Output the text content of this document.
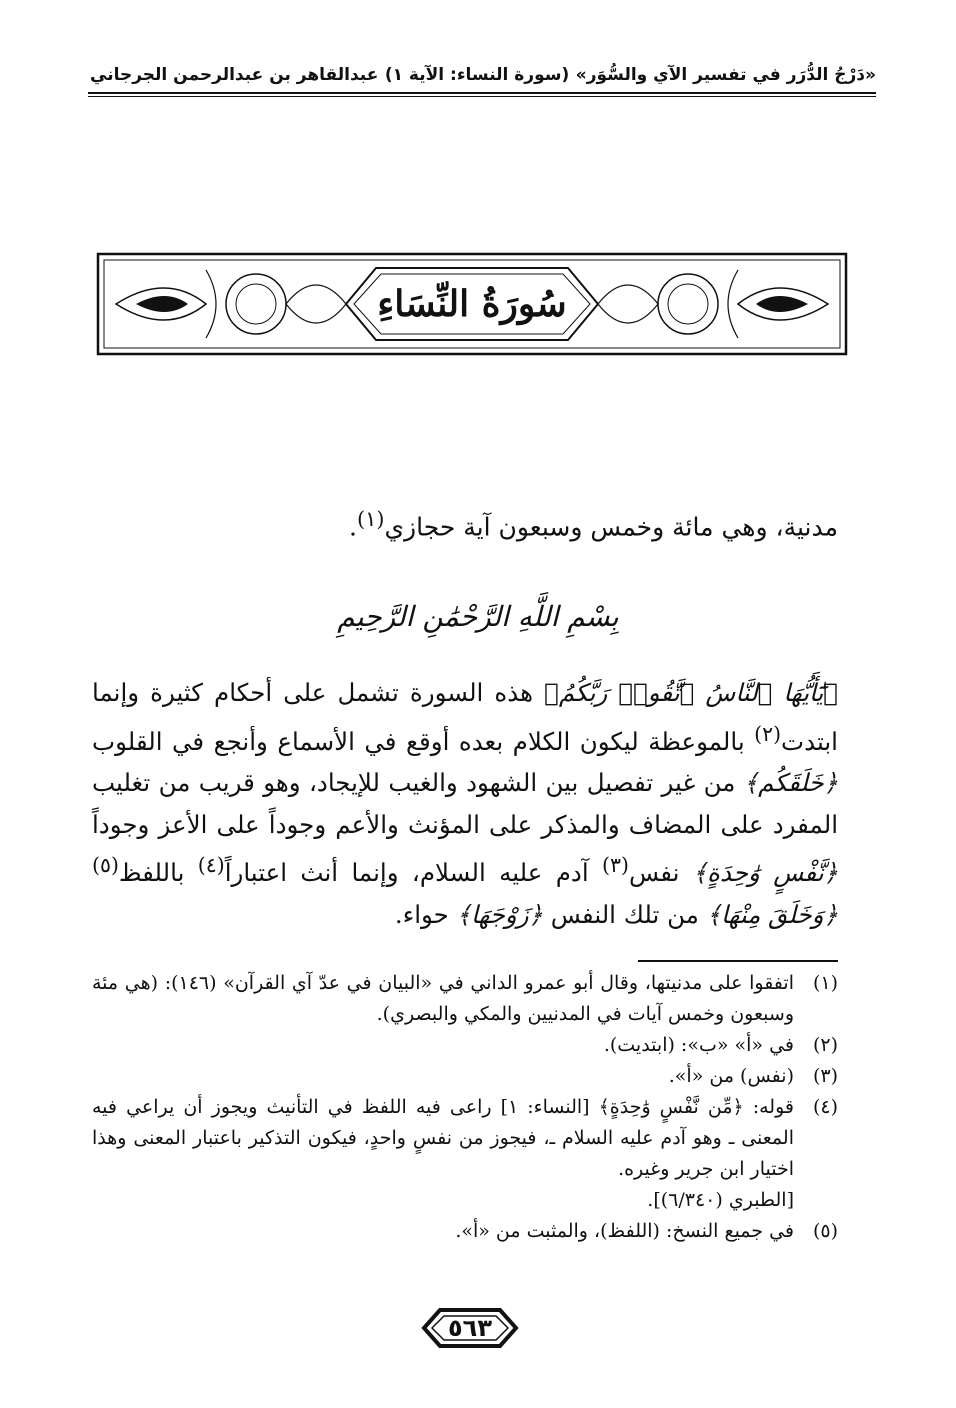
«دَرْجُ الدُّرَر في تفسير الآي والسُّوَر»
(سورة النساء: الآية ١)
عبدالقاهر بن عبدالرحمن الجرجاني
سُورَةُ النِّسَاءِ
مدنية، وهي مائة وخمس وسبعون آية حجازي$^{(١)}$.
بِسْمِ اللَّهِ الرَّحْمَٰنِ الرَّحِيمِ
﴿يَٰٓأَيُّهَا ٱلنَّاسُ ٱتَّقُوا۟ رَبَّكُمُ﴾ هذه السورة تشمل على أحكام كثيرة وإنما ابتدت$^{(٢)}$ بالموعظة ليكون الكلام بعده أوقع في الأسماع وأنجع في القلوب ﴿خَلَقَكُم﴾ من غير تفصيل بين الشهود والغيب للإيجاد، وهو قريب من تغليب المفرد على المضاف والمذكر على المؤنث والأعم وجوداً على الأعز وجوداً ﴿نَّفْسٍ وَٰحِدَةٍ﴾ نفس$^{(٣)}$ آدم عليه السلام، وإنما أنث اعتباراً$^{(٤)}$ باللفظ$^{(٥)}$ ﴿وَخَلَقَ مِنْهَا﴾ من تلك النفس ﴿زَوْجَهَا﴾ حواء.
(١)
اتفقوا على مدنيتها، وقال أبو عمرو الداني في «البيان في عدّ آي القرآن» (١٤٦): (هي مئة وسبعون وخمس آيات في المدنيين والمكي والبصري).
(٢)
في «أ» «ب»: (ابتديت).
(٣)
(نفس) من «أ».
(٤)
قوله: ﴿مِّن نَّفْسٍ وَٰحِدَةٍ﴾ [النساء: ١] راعى فيه اللفظ في التأنيث ويجوز أن يراعي فيه المعنى ـ وهو آدم عليه السلام ـ، فيجوز من نفسٍ واحدٍ، فيكون التذكير باعتبار المعنى وهذا اختيار ابن جرير وغيره.
[الطبري (٦/٣٤٠)].
(٥)
في جميع النسخ: (اللفظ)، والمثبت من «أ».
٥٦٣
